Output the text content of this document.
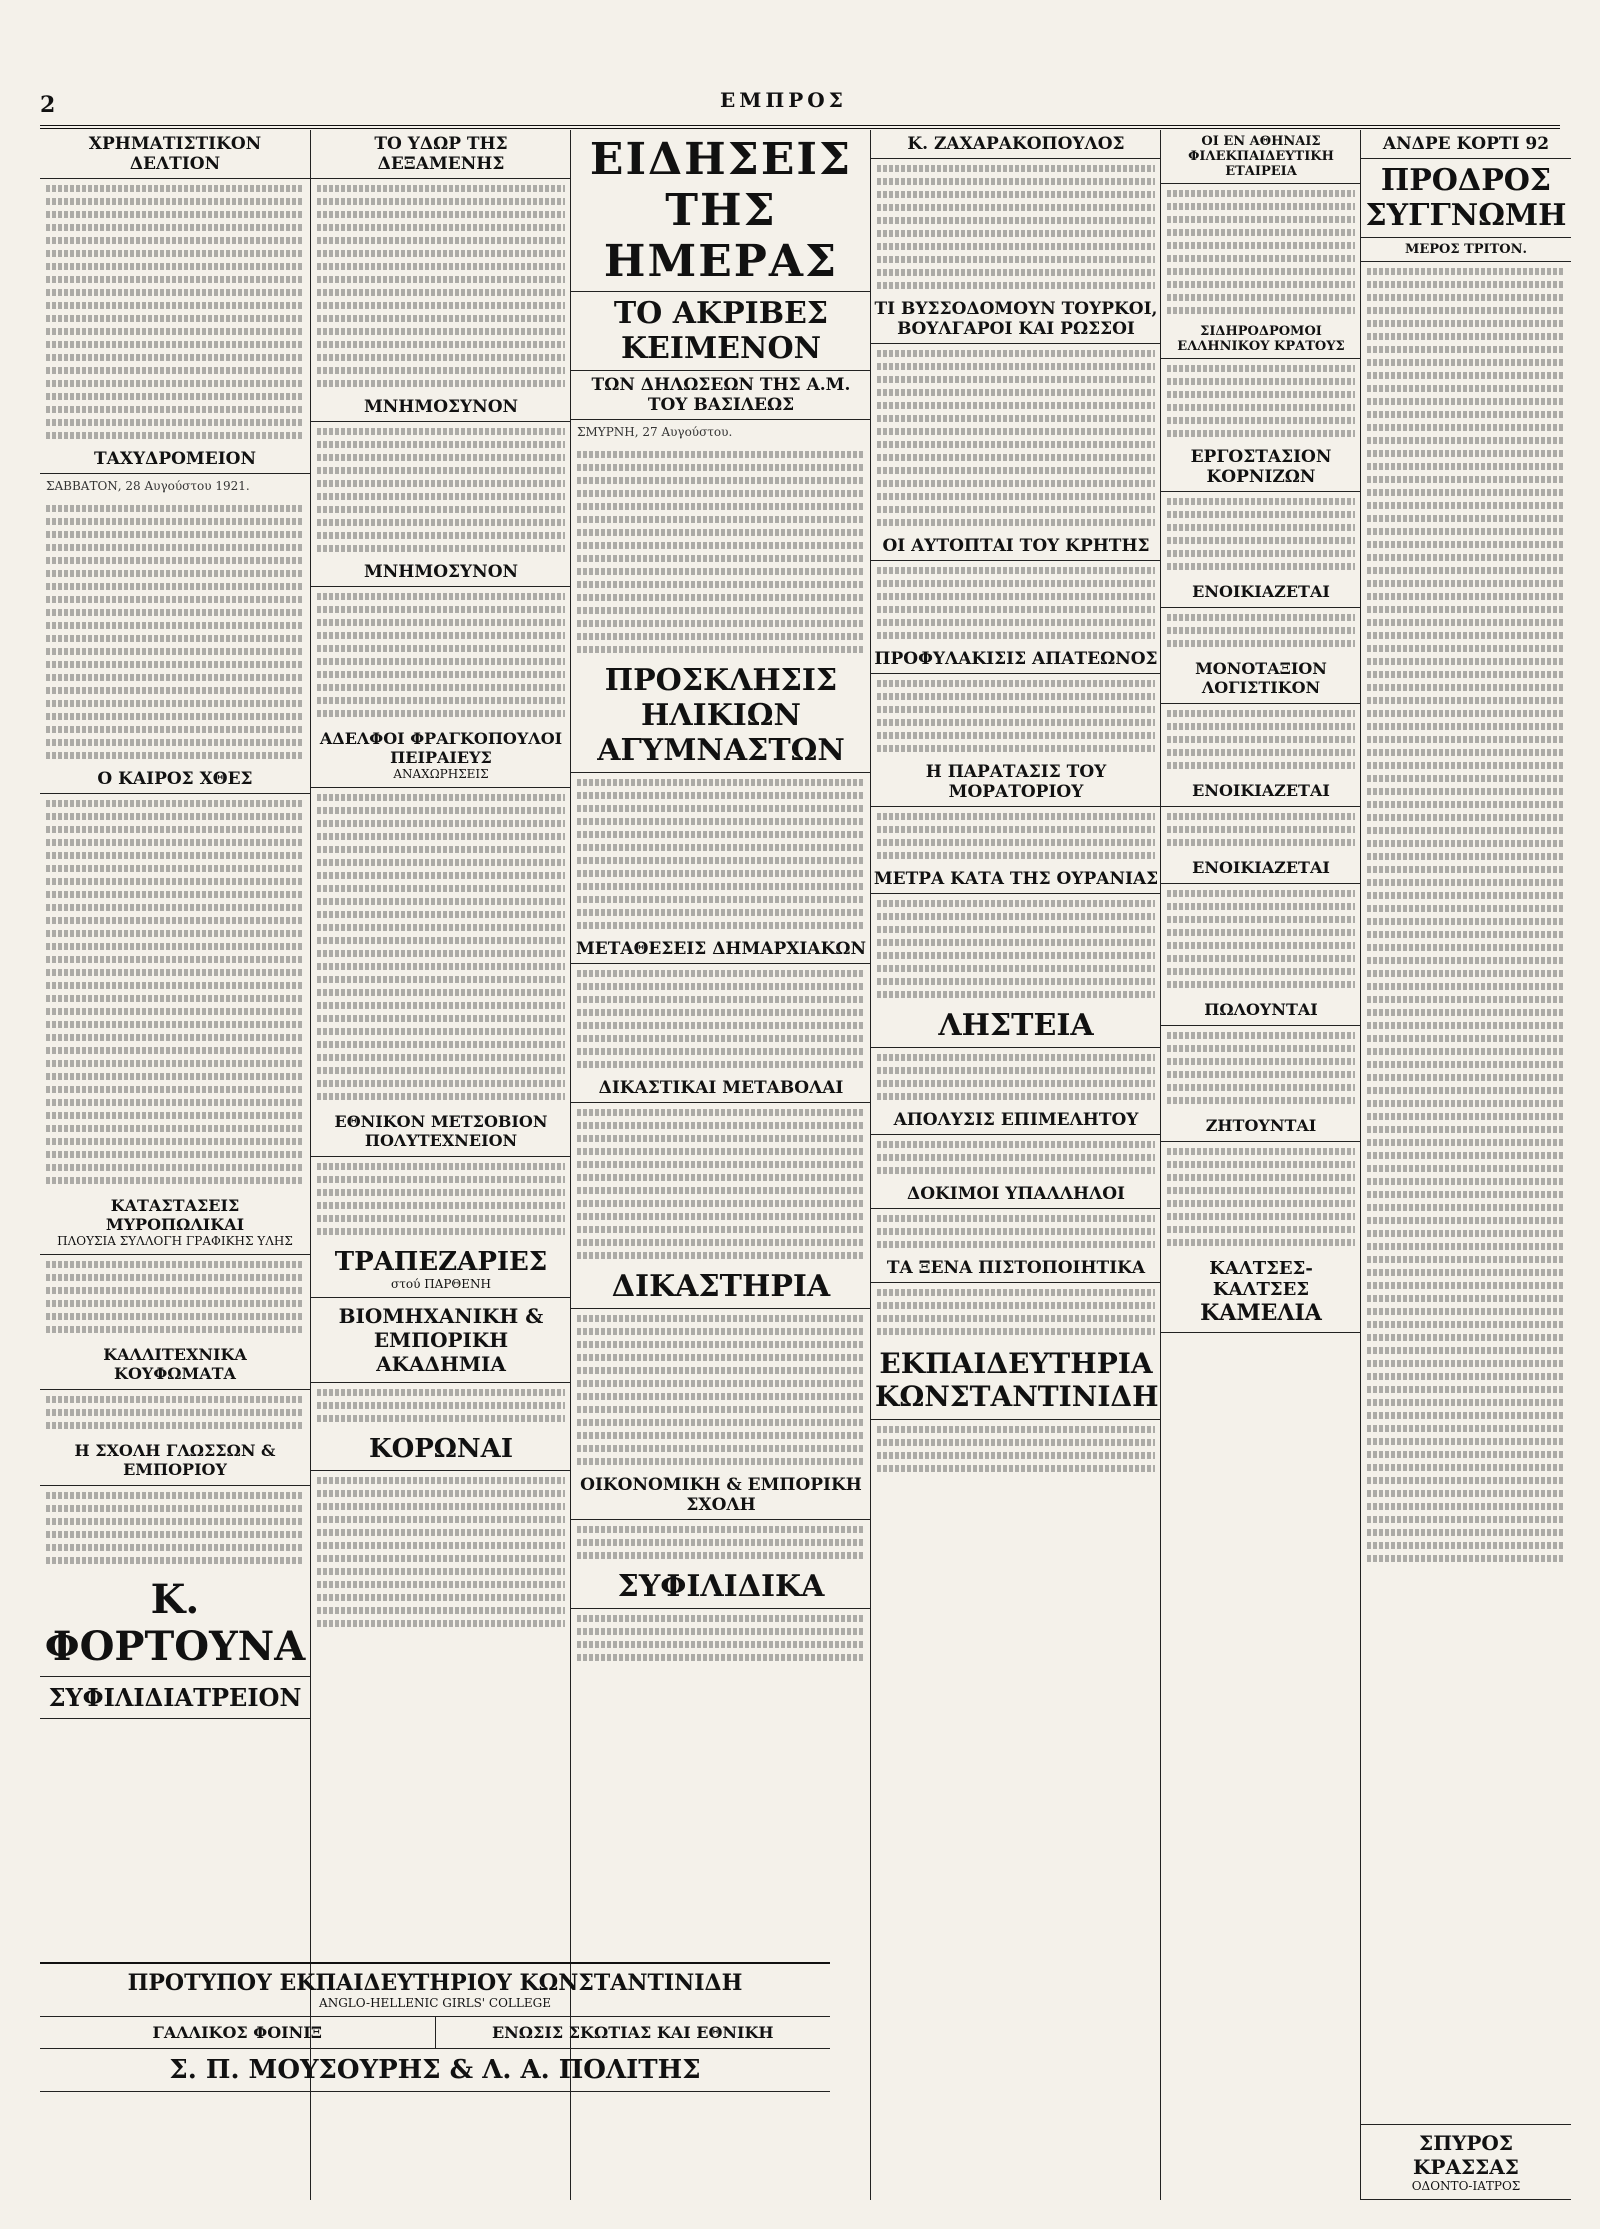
2	ΕΜΠΡΟΣ
ΧΡΗΜΑΤΙΣΤΙΚΟΝ ΔΕΛΤΙΟΝ
ΤΑΧΥΔΡΟΜΕΙΟΝ
ΣΑΒΒΑΤΟΝ, 28 Αυγούστου 1921.
Ο ΚΑΙΡΟΣ ΧΘΕΣ
ΚΑΤΑΣΤΑΣΕΙΣ ΜΥΡΟΠΩΛΙΚΑΙ
ΠΛΟΥΣΙΑ ΣΥΛΛΟΓΗ ΓΡΑΦΙΚΗΣ ΥΛΗΣ
ΚΑΛΛΙΤΕΧΝΙΚΑ ΚΟΥΦΩΜΑΤΑ
Η ΣΧΟΛΗ ΓΛΩΣΣΩΝ & ΕΜΠΟΡΙΟΥ
Κ. ΦΟΡΤΟΥΝΑ
ΣΥΦΙΛΙΔΙΑΤΡΕΙΟΝ
ΤΟ ΥΔΩΡ ΤΗΣ ΔΕΞΑΜΕΝΗΣ
ΜΝΗΜΟΣΥΝΟΝ
ΜΝΗΜΟΣΥΝΟΝ
ΑΔΕΛΦΟΙ ΦΡΑΓΚΟΠΟΥΛΟΙ ΠΕΙΡΑΙΕΥΣ
ΑΝΑΧΩΡΗΣΕΙΣ
ΕΘΝΙΚΟΝ ΜΕΤΣΟΒΙΟΝ ΠΟΛΥΤΕΧΝΕΙΟΝ
ΤΡΑΠΕΖΑΡΙΕΣ
στού ΠΑΡΘΕΝΗ
ΒΙΟΜΗΧΑΝΙΚΗ & ΕΜΠΟΡΙΚΗ ΑΚΑΔΗΜΙΑ
ΚΟΡΩΝΑΙ
ΕΙΔΗΣΕΙΣ ΤΗΣ ΗΜΕΡΑΣ
ΤΟ ΑΚΡΙΒΕΣ ΚΕΙΜΕΝΟΝ
ΤΩΝ ΔΗΛΩΣΕΩΝ ΤΗΣ Α.Μ. ΤΟΥ ΒΑΣΙΛΕΩΣ
ΣΜΥΡΝΗ, 27 Αυγούστου.
ΠΡΟΣΚΛΗΣΙΣ ΗΛΙΚΙΩΝ ΑΓΥΜΝΑΣΤΩΝ
ΜΕΤΑΘΕΣΕΙΣ ΔΗΜΑΡΧΙΑΚΩΝ
ΔΙΚΑΣΤΙΚΑΙ ΜΕΤΑΒΟΛΑΙ
ΔΙΚΑΣΤΗΡΙΑ
ΟΙΚΟΝΟΜΙΚΗ & ΕΜΠΟΡΙΚΗ ΣΧΟΛΗ
ΣΥΦΙΛΙΔΙΚΑ
Κ. ΖΑΧΑΡΑΚΟΠΟΥΛΟΣ
ΤΙ ΒΥΣΣΟΔΟΜΟΥΝ ΤΟΥΡΚΟΙ, ΒΟΥΛΓΑΡΟΙ ΚΑΙ ΡΩΣΣΟΙ
ΟΙ ΑΥΤΟΠΤΑΙ ΤΟΥ ΚΡΗΤΗΣ
ΠΡΟΦΥΛΑΚΙΣΙΣ ΑΠΑΤΕΩΝΟΣ
Η ΠΑΡΑΤΑΣΙΣ ΤΟΥ ΜΟΡΑΤΟΡΙΟΥ
ΜΕΤΡΑ ΚΑΤΑ ΤΗΣ ΟΥΡΑΝΙΑΣ
ΛΗΣΤΕΙΑ
ΑΠΟΛΥΣΙΣ ΕΠΙΜΕΛΗΤΟΥ
ΔΟΚΙΜΟΙ ΥΠΑΛΛΗΛΟΙ
ΤΑ ΞΕΝΑ ΠΙΣΤΟΠΟΙΗΤΙΚΑ
ΕΚΠΑΙΔΕΥΤΗΡΙΑ ΚΩΝΣΤΑΝΤΙΝΙΔΗ
ΟΙ ΕΝ ΑΘΗΝΑΙΣ ΦΙΛΕΚΠΑΙΔΕΥΤΙΚΗ ΕΤΑΙΡΕΙΑ
ΣΙΔΗΡΟΔΡΟΜΟΙ ΕΛΛΗΝΙΚΟΥ ΚΡΑΤΟΥΣ
ΕΡΓΟΣΤΑΣΙΟΝ ΚΟΡΝΙΖΩΝ
ΕΝΟΙΚΙΑΖΕΤΑΙ
ΜΟΝΟΤΑΞΙΟΝ ΛΟΓΙΣΤΙΚΟΝ
ΕΝΟΙΚΙΑΖΕΤΑΙ
ΕΝΟΙΚΙΑΖΕΤΑΙ
ΠΩΛΟΥΝΤΑΙ
ΖΗΤΟΥΝΤΑΙ
ΚΑΛΤΣΕΣ-ΚΑΛΤΣΕΣ
ΚΑΜΕΛΙΑ
ΑΝΔΡΕ ΚΟΡΤΙ 92
ΠΡΟΔΡΟΣ ΣΥΓΓΝΩΜΗ
ΜΕΡΟΣ ΤΡΙΤΟΝ.
ΣΠΥΡΟΣ ΚΡΑΣΣΑΣ
ΟΔΟΝΤΟ-ΙΑΤΡΟΣ
ΠΡΟΤΥΠΟΥ ΕΚΠΑΙΔΕΥΤΗΡΙΟΥ ΚΩΝΣΤΑΝΤΙΝΙΔΗ
ANGLO-HELLENIC GIRLS' COLLEGE
ΓΑΛΛΙΚΟΣ ΦΟΙΝΙΞ	ΕΝΩΣΙΣ ΣΚΩΤΙΑΣ ΚΑΙ ΕΘΝΙΚΗ
Σ. Π. ΜΟΥΣΟΥΡΗΣ & Λ. Α. ΠΟΛΙΤΗΣ
